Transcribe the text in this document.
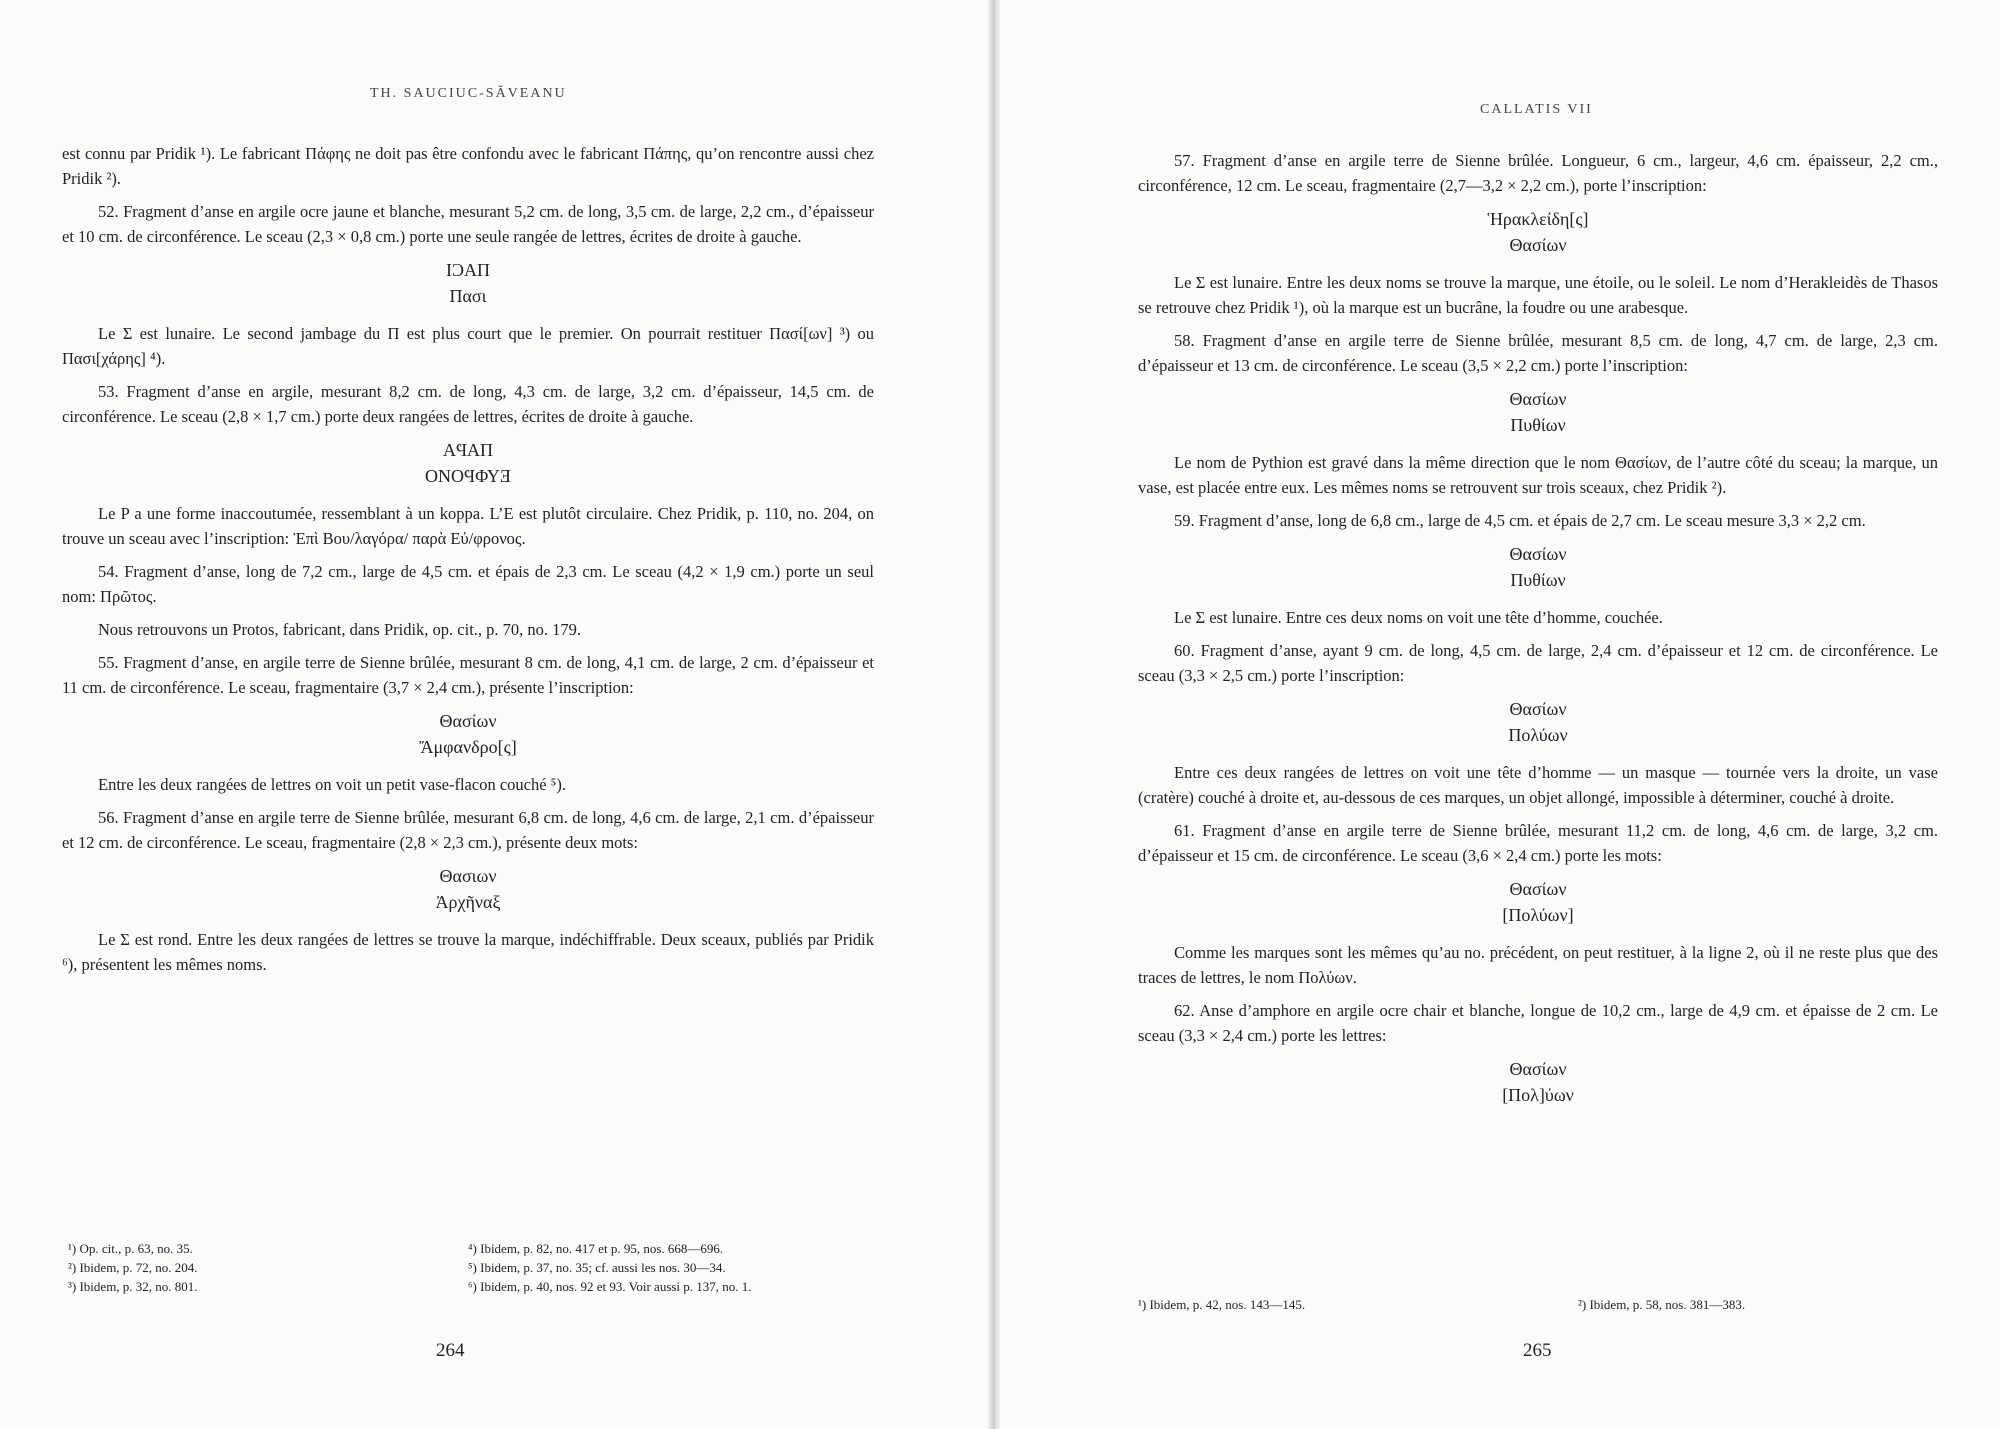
TH. SAUCIUC-SĂVEANU

est connu par Pridik ¹). Le fabricant Πάφης ne doit pas être confondu avec le fabricant Πάπης, qu’on rencontre aussi chez Pridik ²).

52. Fragment d’anse en argile ocre jaune et blanche, mesurant 5,2 cm. de long, 3,5 cm. de large, 2,2 cm., d’épaisseur et 10 cm. de circonférence. Le sceau (2,3 × 0,8 cm.) porte une seule rangée de lettres, écrites de droite à gauche.

ΙϽΑΠ
Πασι

Le Σ est lunaire. Le second jambage du Π est plus court que le premier. On pourrait restituer Πασί[ων] ³) ou Πασι[χάρης] ⁴).

53. Fragment d’anse en argile, mesurant 8,2 cm. de long, 4,3 cm. de large, 3,2 cm. d’épaisseur, 14,5 cm. de circonférence. Le sceau (2,8 × 1,7 cm.) porte deux rangées de lettres, écrites de droite à gauche.

ΑϤΑΠ
ΟΝΟϤΦΥƎ

Le P a une forme inaccoutumée, ressemblant à un koppa. L’E est plutôt circulaire. Chez Pridik, p. 110, no. 204, on trouve un sceau avec l’inscription: Ἐπὶ Βου/λαγόρα/ παρὰ Εὐ/φρονος.

54. Fragment d’anse, long de 7,2 cm., large de 4,5 cm. et épais de 2,3 cm. Le sceau (4,2 × 1,9 cm.) porte un seul nom: Πρῶτος.

Nous retrouvons un Protos, fabricant, dans Pridik, op. cit., p. 70, no. 179.

55. Fragment d’anse, en argile terre de Sienne brûlée, mesurant 8 cm. de long, 4,1 cm. de large, 2 cm. d’épaisseur et 11 cm. de circonférence. Le sceau, fragmentaire (3,7 × 2,4 cm.), présente l’inscription:

Θασίων
Ἄμφανδρο[ς]

Entre les deux rangées de lettres on voit un petit vase-flacon couché ⁵).

56. Fragment d’anse en argile terre de Sienne brûlée, mesurant 6,8 cm. de long, 4,6 cm. de large, 2,1 cm. d’épaisseur et 12 cm. de circonférence. Le sceau, fragmentaire (2,8 × 2,3 cm.), présente deux mots:

Θασιων
Ἀρχῆναξ

Le Σ est rond. Entre les deux rangées de lettres se trouve la marque, indéchiffrable. Deux sceaux, publiés par Pridik ⁶), présentent les mêmes noms.

¹) Op. cit., p. 63, no. 35.
²) Ibidem, p. 72, no. 204.
³) Ibidem, p. 32, no. 801.
⁴) Ibidem, p. 82, no. 417 et p. 95, nos. 668—696.
⁵) Ibidem, p. 37, no. 35; cf. aussi les nos. 30—34.
⁶) Ibidem, p. 40, nos. 92 et 93. Voir aussi p. 137, no. 1.
264
CALLATIS VII

57. Fragment d’anse en argile terre de Sienne brûlée. Longueur, 6 cm., largeur, 4,6 cm. épaisseur, 2,2 cm., circonférence, 12 cm. Le sceau, fragmentaire (2,7—3,2 × 2,2 cm.), porte l’inscription:

Ἡρακλείδη[ς]
Θασίων

Le Σ est lunaire. Entre les deux noms se trouve la marque, une étoile, ou le soleil. Le nom d’Herakleidès de Thasos se retrouve chez Pridik ¹), où la marque est un bucrâne, la foudre ou une arabesque.

58. Fragment d’anse en argile terre de Sienne brûlée, mesurant 8,5 cm. de long, 4,7 cm. de large, 2,3 cm. d’épaisseur et 13 cm. de circonférence. Le sceau (3,5 × 2,2 cm.) porte l’inscription:

Θασίων
Πυθίων

Le nom de Pythion est gravé dans la même direction que le nom Θασίων, de l’autre côté du sceau; la marque, un vase, est placée entre eux. Les mêmes noms se retrouvent sur trois sceaux, chez Pridik ²).

59. Fragment d’anse, long de 6,8 cm., large de 4,5 cm. et épais de 2,7 cm. Le sceau mesure 3,3 × 2,2 cm.

Θασίων
Πυθίων

Le Σ est lunaire. Entre ces deux noms on voit une tête d’homme, couchée.

60. Fragment d’anse, ayant 9 cm. de long, 4,5 cm. de large, 2,4 cm. d’épaisseur et 12 cm. de circonférence. Le sceau (3,3 × 2,5 cm.) porte l’inscription:

Θασίων
Πολύων

Entre ces deux rangées de lettres on voit une tête d’homme — un masque — tournée vers la droite, un vase (cratère) couché à droite et, au-dessous de ces marques, un objet allongé, impossible à déterminer, couché à droite.

61. Fragment d’anse en argile terre de Sienne brûlée, mesurant 11,2 cm. de long, 4,6 cm. de large, 3,2 cm. d’épaisseur et 15 cm. de circonférence. Le sceau (3,6 × 2,4 cm.) porte les mots:

Θασίων
[Πολύων]

Comme les marques sont les mêmes qu’au no. précédent, on peut restituer, à la ligne 2, où il ne reste plus que des traces de lettres, le nom Πολύων.

62. Anse d’amphore en argile ocre chair et blanche, longue de 10,2 cm., large de 4,9 cm. et épaisse de 2 cm. Le sceau (3,3 × 2,4 cm.) porte les lettres:

Θασίων
[Πολ]ύων
¹) Ibidem, p. 42, nos. 143—145.	²) Ibidem, p. 58, nos. 381—383.
265
